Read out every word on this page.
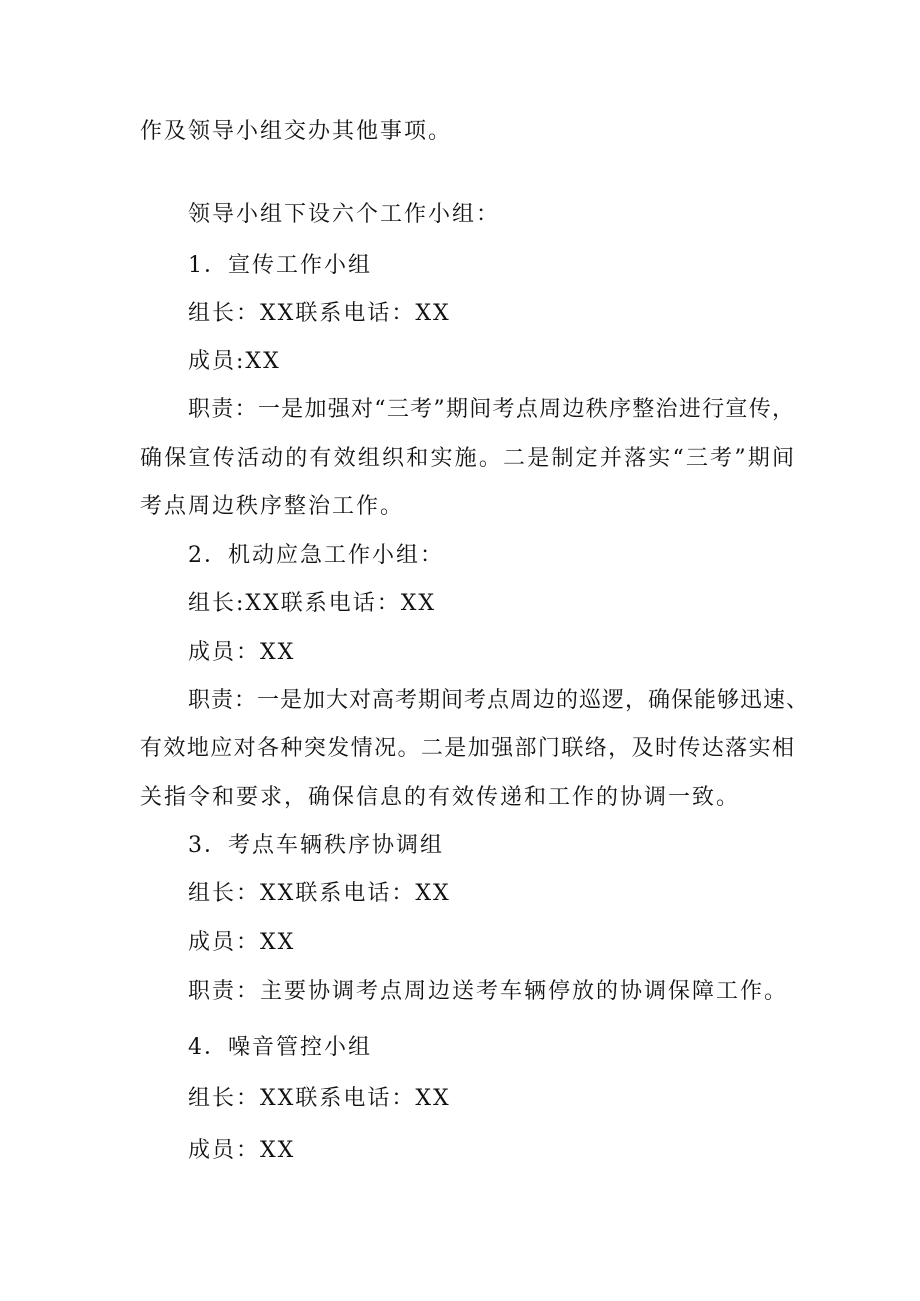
作及领导小组交办其他事项。
领导小组下设六个工作小组：
1．宣传工作小组
组长：XX联系电话：XX
成员:XX
职责：一是加强对“三考”期间考点周边秩序整治进行宣传，
确保宣传活动的有效组织和实施。二是制定并落实“三考”期间
考点周边秩序整治工作。
2．机动应急工作小组：
组长:XX联系电话：XX
成员：XX
职责：一是加大对高考期间考点周边的巡逻，确保能够迅速、
有效地应对各种突发情况。二是加强部门联络，及时传达落实相
关指令和要求，确保信息的有效传递和工作的协调一致。
3．考点车辆秩序协调组
组长：XX联系电话：XX
成员：XX
职责：主要协调考点周边送考车辆停放的协调保障工作。
4．噪音管控小组
组长：XX联系电话：XX
成员：XX
